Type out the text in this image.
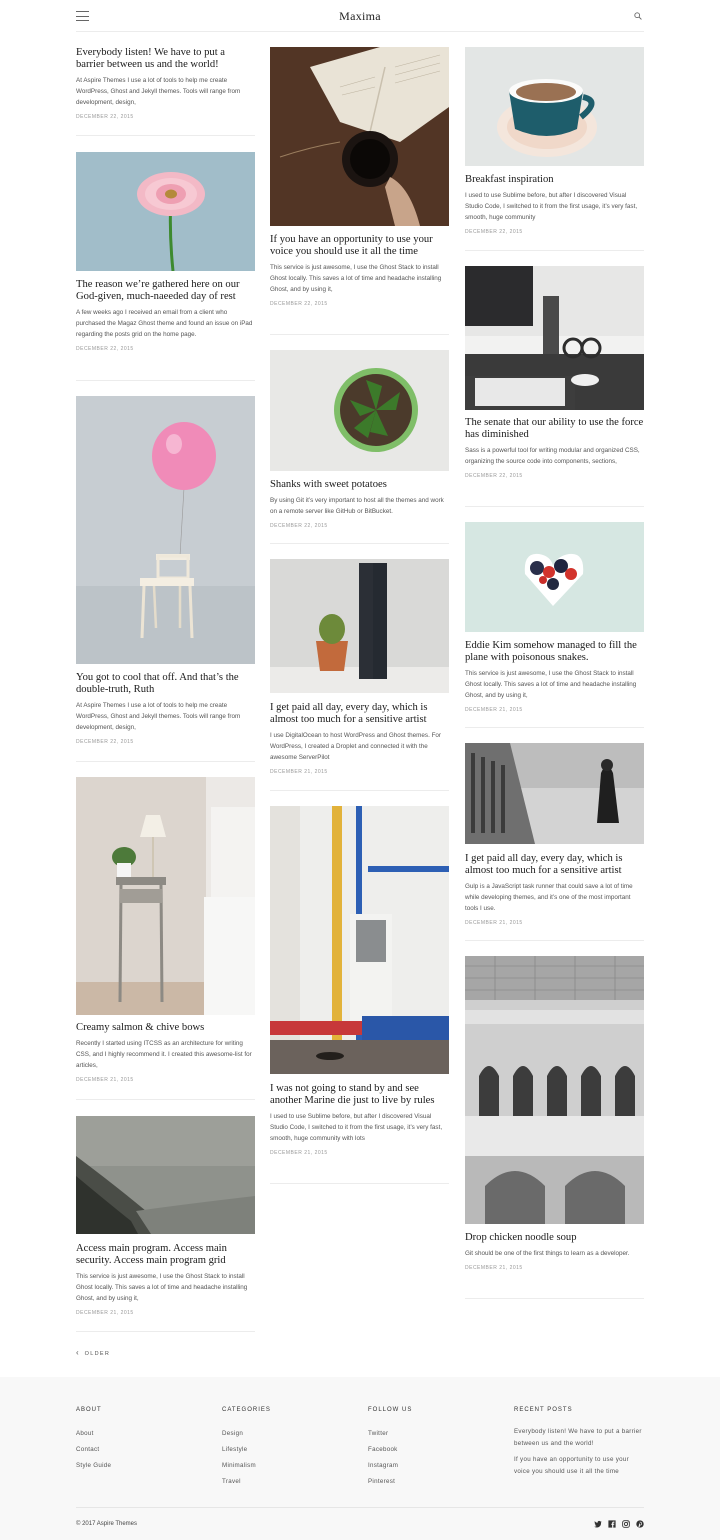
Maxima
Everybody listen! We have to put a barrier between us and the world!
At Aspire Themes I use a lot of tools to help me create WordPress, Ghost and Jekyll themes. Tools will range from development, design,
DECEMBER 22, 2015
The reason we’re gathered here on our God-given, much-naeeded day of rest
A few weeks ago I received an email from a client who purchased the Magaz Ghost theme and found an issue on iPad regarding the posts grid on the home page.
DECEMBER 22, 2015
You got to cool that off. And that’s the double-truth, Ruth
At Aspire Themes I use a lot of tools to help me create WordPress, Ghost and Jekyll themes. Tools will range from development, design,
DECEMBER 22, 2015
Creamy salmon & chive bows
Recently I started using ITCSS as an architecture for writing CSS, and I highly recommend it. I created this awesome-list for articles,
DECEMBER 21, 2015
Access main program. Access main security. Access main program grid
This service is just awesome, I use the Ghost Stack to install Ghost locally. This saves a lot of time and headache installing Ghost, and by using it,
DECEMBER 21, 2015
If you have an opportunity to use your voice you should use it all the time
This service is just awesome, I use the Ghost Stack to install Ghost locally. This saves a lot of time and headache installing Ghost, and by using it,
DECEMBER 22, 2015
Shanks with sweet potatoes
By using Git it’s very important to host all the themes and work on a remote server like GitHub or BitBucket.
DECEMBER 22, 2015
I get paid all day, every day, which is almost too much for a sensitive artist
I use DigitalOcean to host WordPress and Ghost themes. For WordPress, I created a Droplet and connected it with the awesome ServerPilot
DECEMBER 21, 2015
I was not going to stand by and see another Marine die just to live by rules
I used to use Sublime before, but after I discovered Visual Studio Code, I switched to it from the first usage, it’s very fast, smooth, huge community with lots
DECEMBER 21, 2015
Breakfast inspiration
I used to use Sublime before, but after I discovered Visual Studio Code, I switched to it from the first usage, it’s very fast, smooth, huge community
DECEMBER 22, 2015
The senate that our ability to use the force has diminished
Sass is a powerful tool for writing modular and organized CSS, organizing the source code into components, sections,
DECEMBER 22, 2015
Eddie Kim somehow managed to fill the plane with poisonous snakes.
This service is just awesome, I use the Ghost Stack to install Ghost locally. This saves a lot of time and headache installing Ghost, and by using it,
DECEMBER 21, 2015
I get paid all day, every day, which is almost too much for a sensitive artist
Gulp is a JavaScript task runner that could save a lot of time while developing themes, and it’s one of the most important tools I use.
DECEMBER 21, 2015
Drop chicken noodle soup
Git should be one of the first things to learn as a developer.
DECEMBER 21, 2015
‹ OLDER
ABOUT
About
Contact
Style Guide
CATEGORIES
Design
Lifestyle
Minimalism
Travel
FOLLOW US
Twitter
Facebook
Instagram
Pinterest
RECENT POSTS
Everybody listen! We have to put a barrier between us and the world!
If you have an opportunity to use your voice you should use it all the time
© 2017 Aspire Themes
